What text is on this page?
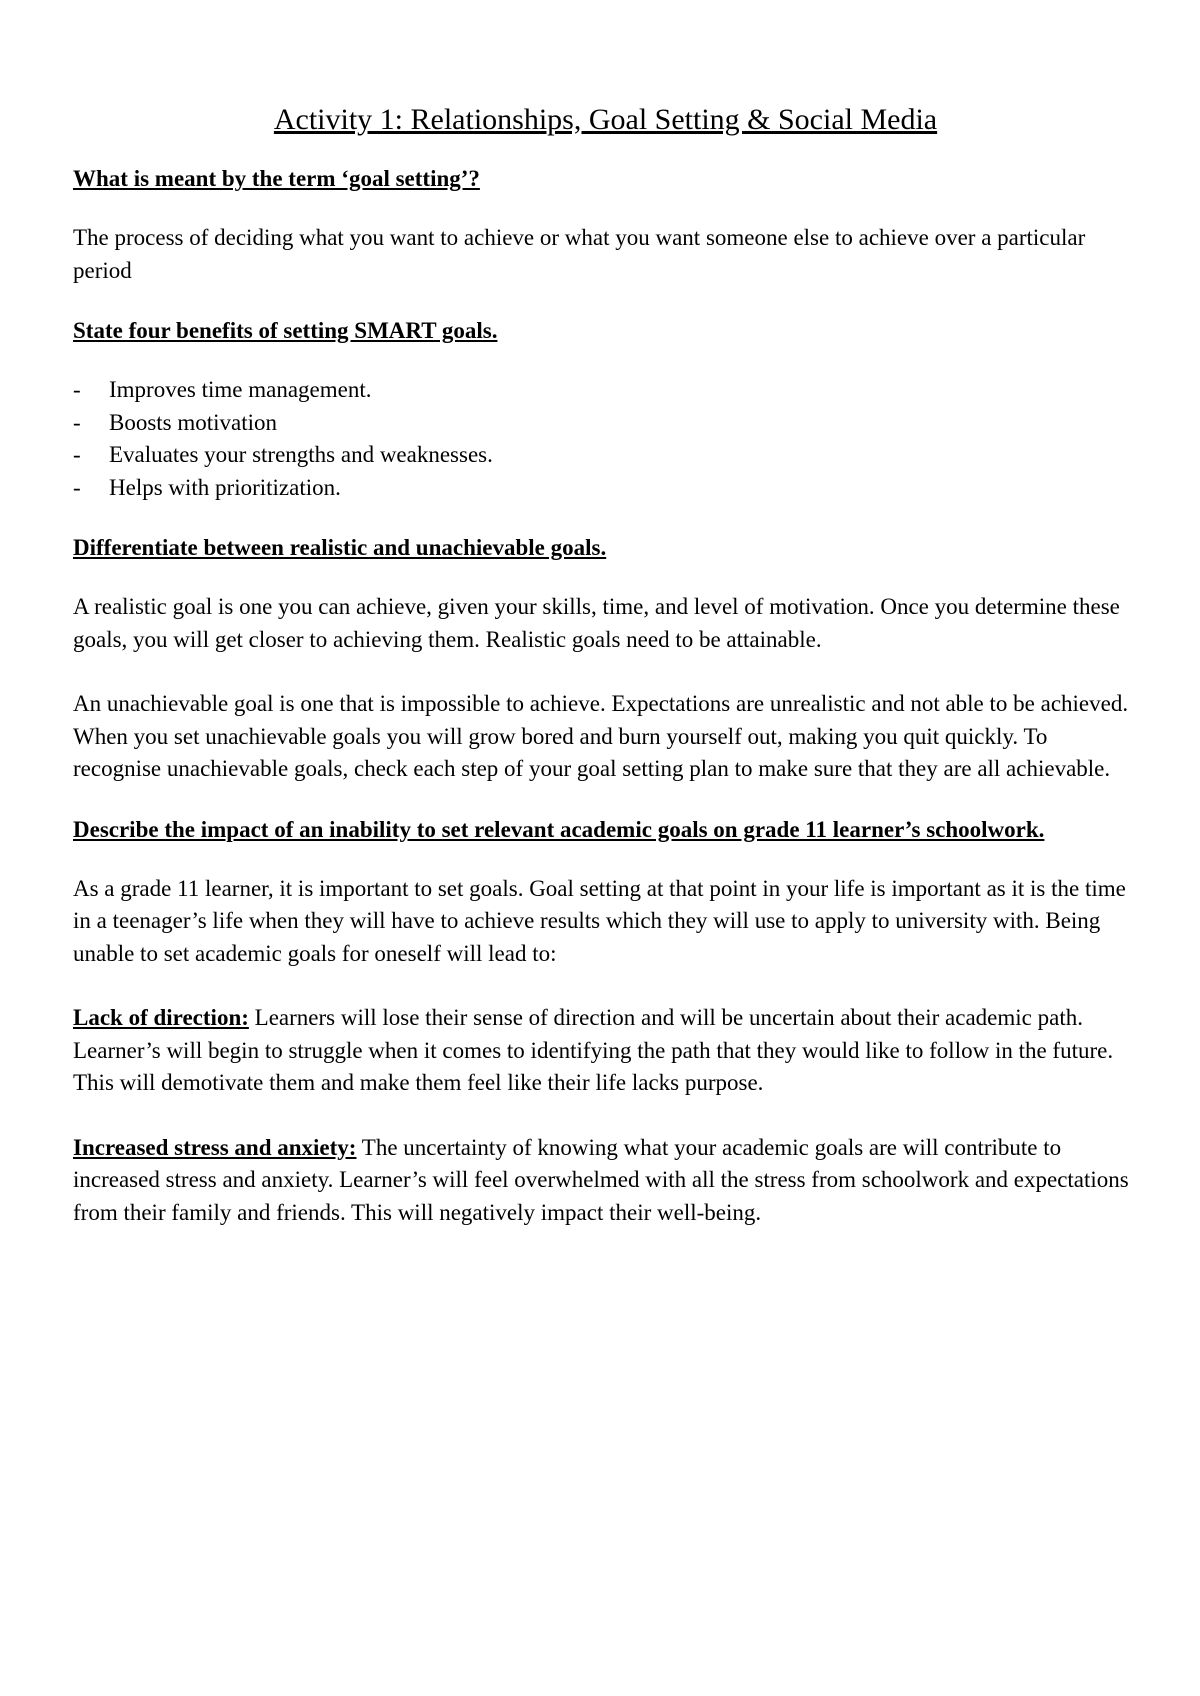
Activity 1: Relationships, Goal Setting & Social Media

What is meant by the term ‘goal setting’?

The process of deciding what you want to achieve or what you want someone else to achieve over a particular period

State four benefits of setting SMART goals.

- Improves time management.
- Boosts motivation
- Evaluates your strengths and weaknesses.
- Helps with prioritization.

Differentiate between realistic and unachievable goals.

A realistic goal is one you can achieve, given your skills, time, and level of motivation. Once you determine these goals, you will get closer to achieving them. Realistic goals need to be attainable.

An unachievable goal is one that is impossible to achieve. Expectations are unrealistic and not able to be achieved. When you set unachievable goals you will grow bored and burn yourself out, making you quit quickly. To recognise unachievable goals, check each step of your goal setting plan to make sure that they are all achievable.

Describe the impact of an inability to set relevant academic goals on grade 11 learner’s schoolwork.

As a grade 11 learner, it is important to set goals. Goal setting at that point in your life is important as it is the time in a teenager’s life when they will have to achieve results which they will use to apply to university with. Being unable to set academic goals for oneself will lead to:

Lack of direction: Learners will lose their sense of direction and will be uncertain about their academic path. Learner’s will begin to struggle when it comes to identifying the path that they would like to follow in the future. This will demotivate them and make them feel like their life lacks purpose.

Increased stress and anxiety: The uncertainty of knowing what your academic goals are will contribute to increased stress and anxiety. Learner’s will feel overwhelmed with all the stress from schoolwork and expectations from their family and friends. This will negatively impact their well-being.
